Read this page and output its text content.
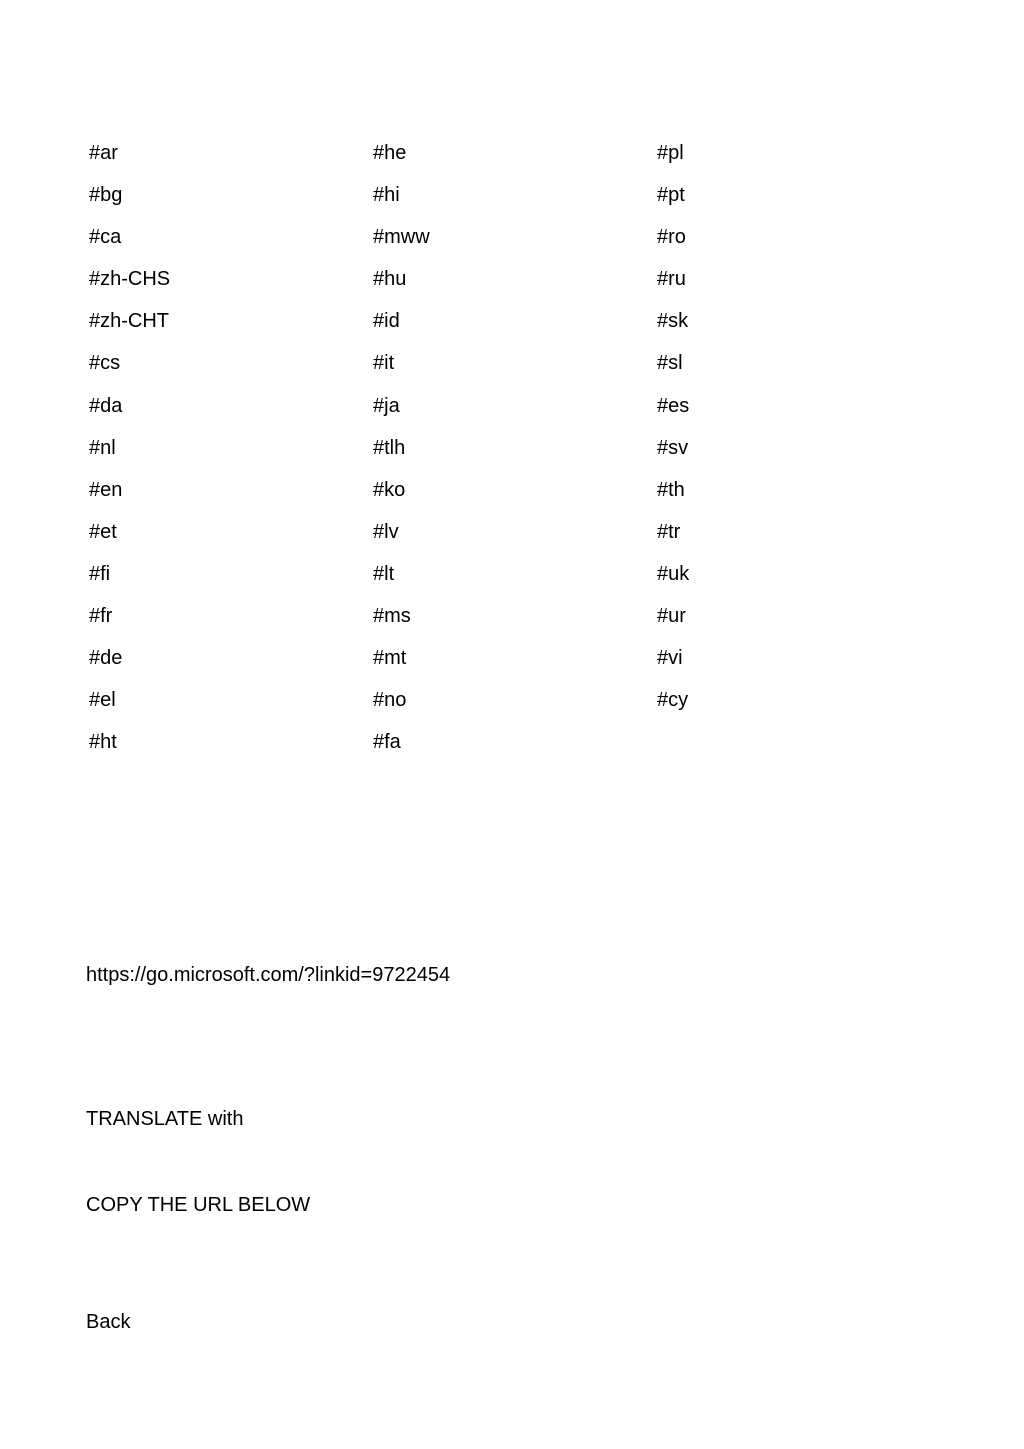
#ar
#bg
#ca
#zh-CHS
#zh-CHT
#cs
#da
#nl
#en
#et
#fi
#fr
#de
#el
#ht
#he
#hi
#mww
#hu
#id
#it
#ja
#tlh
#ko
#lv
#lt
#ms
#mt
#no
#fa
#pl
#pt
#ro
#ru
#sk
#sl
#es
#sv
#th
#tr
#uk
#ur
#vi
#cy
https://go.microsoft.com/?linkid=9722454
TRANSLATE with
COPY THE URL BELOW
Back
